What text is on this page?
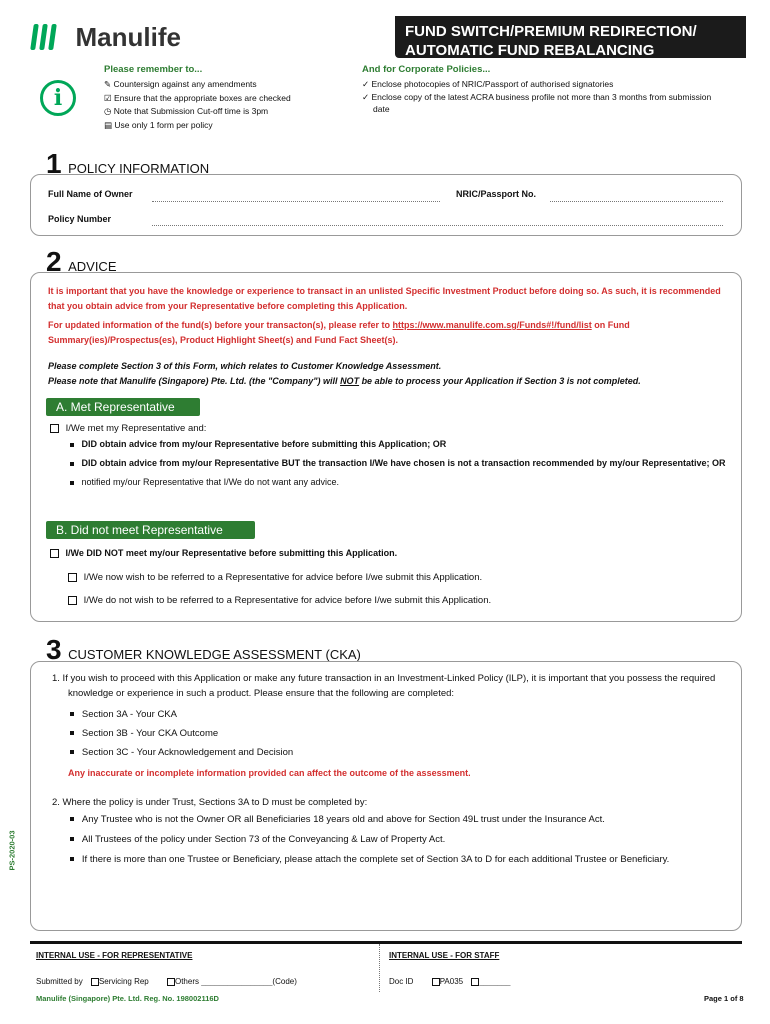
Manulife	FUND SWITCH/PREMIUM REDIRECTION/
AUTOMATIC FUND REBALANCING
i
Please remember to...
✎ Countersign against any amendments
☑ Ensure that the appropriate boxes are checked
◷ Note that Submission Cut-off time is 3pm
▤ Use only 1 form per policy
And for Corporate Policies...
✓ Enclose photocopies of NRIC/Passport of authorised signatories
✓ Enclose copy of the latest ACRA business profile not more than 3 months from submission date
1 POLICY INFORMATION
Full Name of Owner	NRIC/Passport No.
Policy Number
2 ADVICE
It is important that you have the knowledge or experience to transact in an unlisted Specific Investment Product before doing so. As such, it is recommended that you obtain advice from your Representative before completing this Application.
For updated information of the fund(s) before your transacton(s), please refer to https://www.manulife.com.sg/Funds#!/fund/list on Fund Summary(ies)/Prospectus(es), Product Highlight Sheet(s) and Fund Fact Sheet(s).
Please complete Section 3 of this Form, which relates to Customer Knowledge Assessment.
Please note that Manulife (Singapore) Pte. Ltd. (the "Company") will NOT be able to process your Application if Section 3 is not completed.
A. Met Representative
I/We met my Representative and:
DID obtain advice from my/our Representative before submitting this Application; OR
DID obtain advice from my/our Representative BUT the transaction I/We have chosen is not a transaction recommended by my/our Representative; OR
notified my/our Representative that I/We do not want any advice.
B. Did not meet Representative
I/We DID NOT meet my/our Representative before submitting this Application.
I/We now wish to be referred to a Representative for advice before I/we submit this Application.
I/We do not wish to be referred to a Representative for advice before I/we submit this Application.
3 CUSTOMER KNOWLEDGE ASSESSMENT (CKA)
1. If you wish to proceed with this Application or make any future transaction in an Investment-Linked Policy (ILP), it is important that you possess the required knowledge or experience in such a product. Please ensure that the following are completed:
Section 3A - Your CKA
Section 3B - Your CKA Outcome
Section 3C - Your Acknowledgement and Decision
Any inaccurate or incomplete information provided can affect the outcome of the assessment.
2. Where the policy is under Trust, Sections 3A to D must be completed by:
Any Trustee who is not the Owner OR all Beneficiaries 18 years old and above for Section 49L trust under the Insurance Act.
All Trustees of the policy under Section 73 of the Conveyancing & Law of Property Act.
If there is more than one Trustee or Beneficiary, please attach the complete set of Section 3A to D for each additional Trustee or Beneficiary.
PS-2020-03
INTERNAL USE - FOR REPRESENTATIVE	INTERNAL USE - FOR STAFF
Submitted by Servicing Rep	Others ________________(Code)	Doc ID	PA035 _______
Manulife (Singapore) Pte. Ltd. Reg. No. 198002116D	Page 1 of 8
